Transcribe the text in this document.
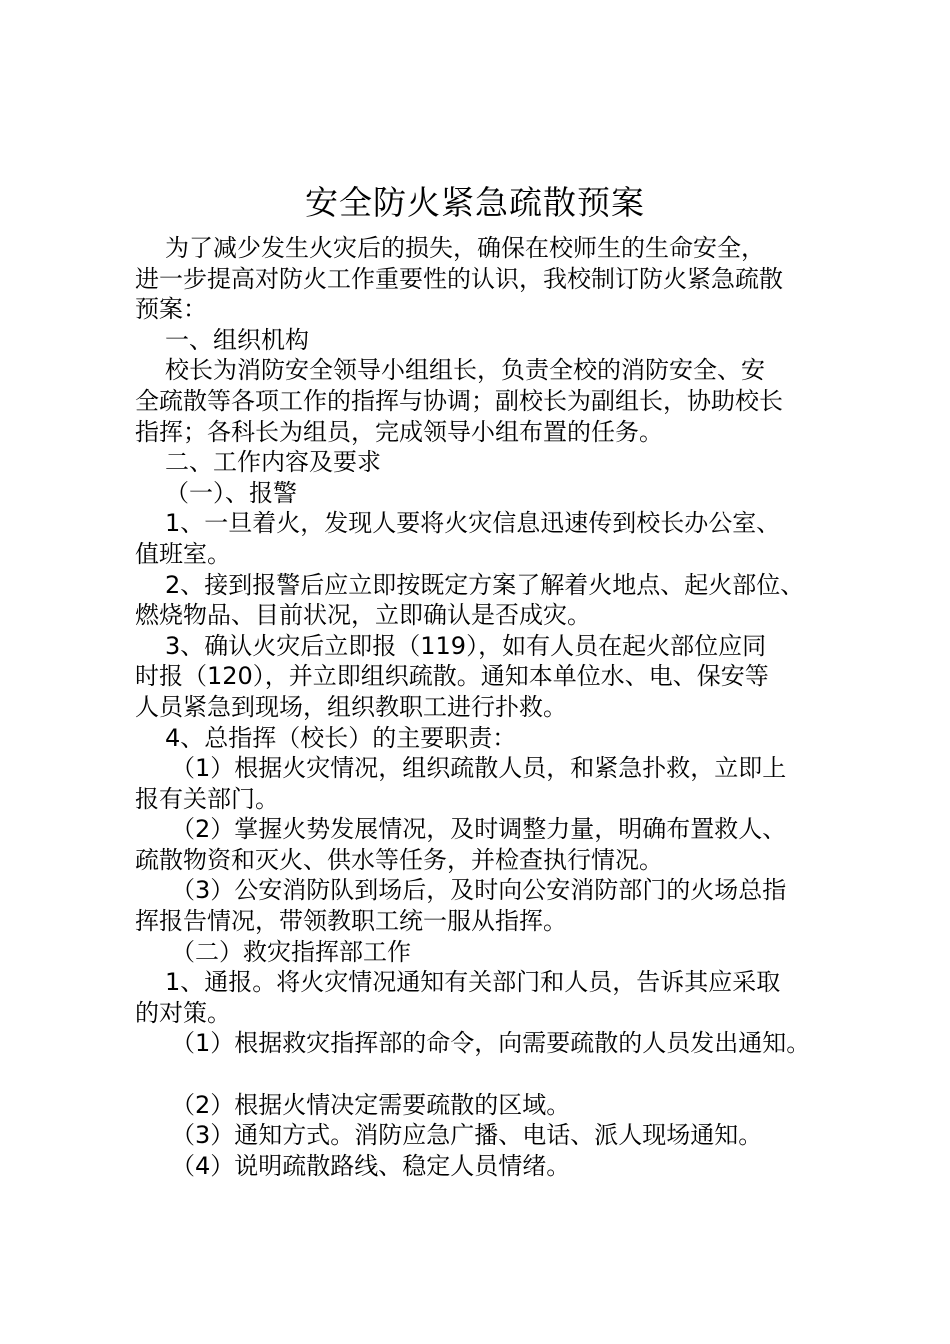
安全防火紧急疏散预案
为了减少发生火灾后的损失，确保在校师生的生命安全，
进一步提高对防火工作重要性的认识，我校制订防火紧急疏散
预案：
一、组织机构
校长为消防安全领导小组组长，负责全校的消防安全、安
全疏散等各项工作的指挥与协调；副校长为副组长，协助校长
指挥；各科长为组员，完成领导小组布置的任务。
二、工作内容及要求
（一）、报警
1、一旦着火，发现人要将火灾信息迅速传到校长办公室、
值班室。
2、接到报警后应立即按既定方案了解着火地点、起火部位、
燃烧物品、目前状况，立即确认是否成灾。
3、确认火灾后立即报（119），如有人员在起火部位应同
时报（120），并立即组织疏散。通知本单位水、电、保安等
人员紧急到现场，组织教职工进行扑救。
4、总指挥（校长）的主要职责：
（1）根据火灾情况，组织疏散人员，和紧急扑救，立即上
报有关部门。
（2）掌握火势发展情况，及时调整力量，明确布置救人、
疏散物资和灭火、供水等任务，并检查执行情况。
（3）公安消防队到场后，及时向公安消防部门的火场总指
挥报告情况，带领教职工统一服从指挥。
（二）救灾指挥部工作
1、通报。将火灾情况通知有关部门和人员，告诉其应采取
的对策。
（1）根据救灾指挥部的命令，向需要疏散的人员发出通知。
（2）根据火情决定需要疏散的区域。
（3）通知方式。消防应急广播、电话、派人现场通知。
（4）说明疏散路线、稳定人员情绪。
